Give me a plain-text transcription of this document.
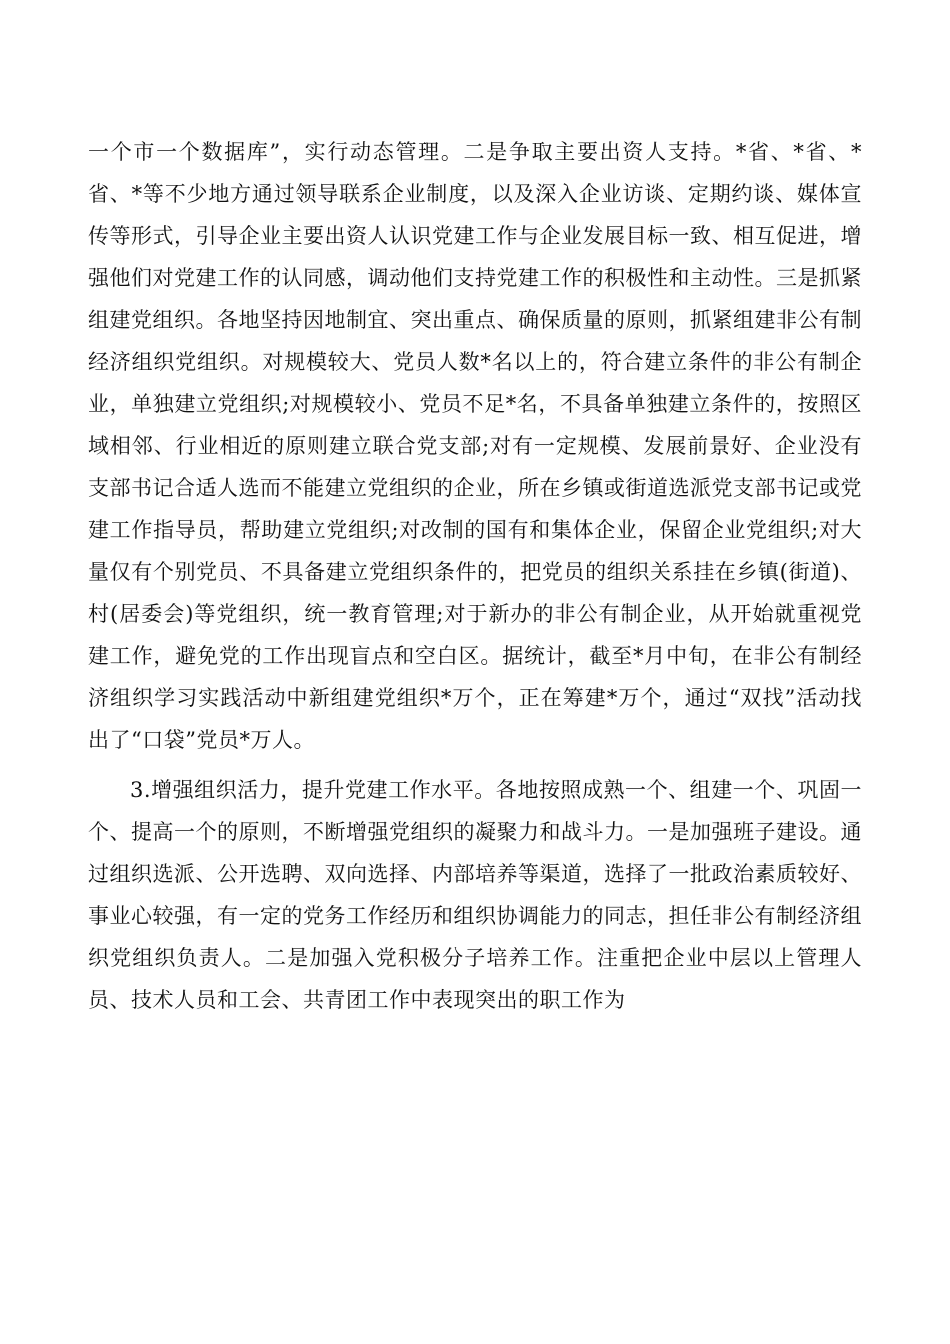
一个市一个数据库”，实行动态管理。二是争取主要出资人支持。*省、*省、*省、*等不少地方通过领导联系企业制度，以及深入企业访谈、定期约谈、媒体宣传等形式，引导企业主要出资人认识党建工作与企业发展目标一致、相互促进，增强他们对党建工作的认同感，调动他们支持党建工作的积极性和主动性。三是抓紧组建党组织。各地坚持因地制宜、突出重点、确保质量的原则，抓紧组建非公有制经济组织党组织。对规模较大、党员人数*名以上的，符合建立条件的非公有制企业，单独建立党组织;对规模较小、党员不足*名，不具备单独建立条件的，按照区域相邻、行业相近的原则建立联合党支部;对有一定规模、发展前景好、企业没有支部书记合适人选而不能建立党组织的企业，所在乡镇或街道选派党支部书记或党建工作指导员，帮助建立党组织;对改制的国有和集体企业，保留企业党组织;对大量仅有个别党员、不具备建立党组织条件的，把党员的组织关系挂在乡镇(街道)、村(居委会)等党组织，统一教育管理;对于新办的非公有制企业，从开始就重视党建工作，避免党的工作出现盲点和空白区。据统计，截至*月中旬，在非公有制经济组织学习实践活动中新组建党组织*万个，正在筹建*万个，通过“双找”活动找出了“口袋”党员*万人。

3.增强组织活力，提升党建工作水平。各地按照成熟一个、组建一个、巩固一个、提高一个的原则，不断增强党组织的凝聚力和战斗力。一是加强班子建设。通过组织选派、公开选聘、双向选择、内部培养等渠道，选择了一批政治素质较好、事业心较强，有一定的党务工作经历和组织协调能力的同志，担任非公有制经济组织党组织负责人。二是加强入党积极分子培养工作。注重把企业中层以上管理人员、技术人员和工会、共青团工作中表现突出的职工作为
